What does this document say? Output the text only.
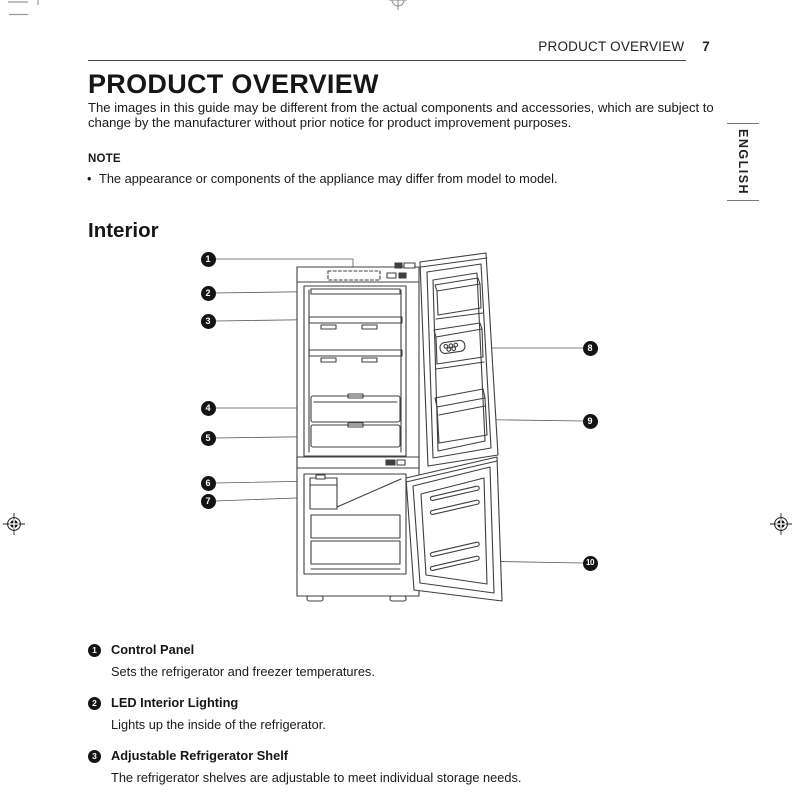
PRODUCT OVERVIEW 7
ENGLISH
PRODUCT OVERVIEW

The images in this guide may be different from the actual components and accessories, which are subject to change by the manufacturer without prior notice for product improvement purposes.

NOTE
• The appearance or components of the appliance may differ from model to model.
Interior
1
2
3
4
5
6
7
8
9
10
1	Control Panel
Sets the refrigerator and freezer temperatures.
2	LED Interior Lighting
Lights up the inside of the refrigerator.
3	Adjustable Refrigerator Shelf
The refrigerator shelves are adjustable to meet individual storage needs.
